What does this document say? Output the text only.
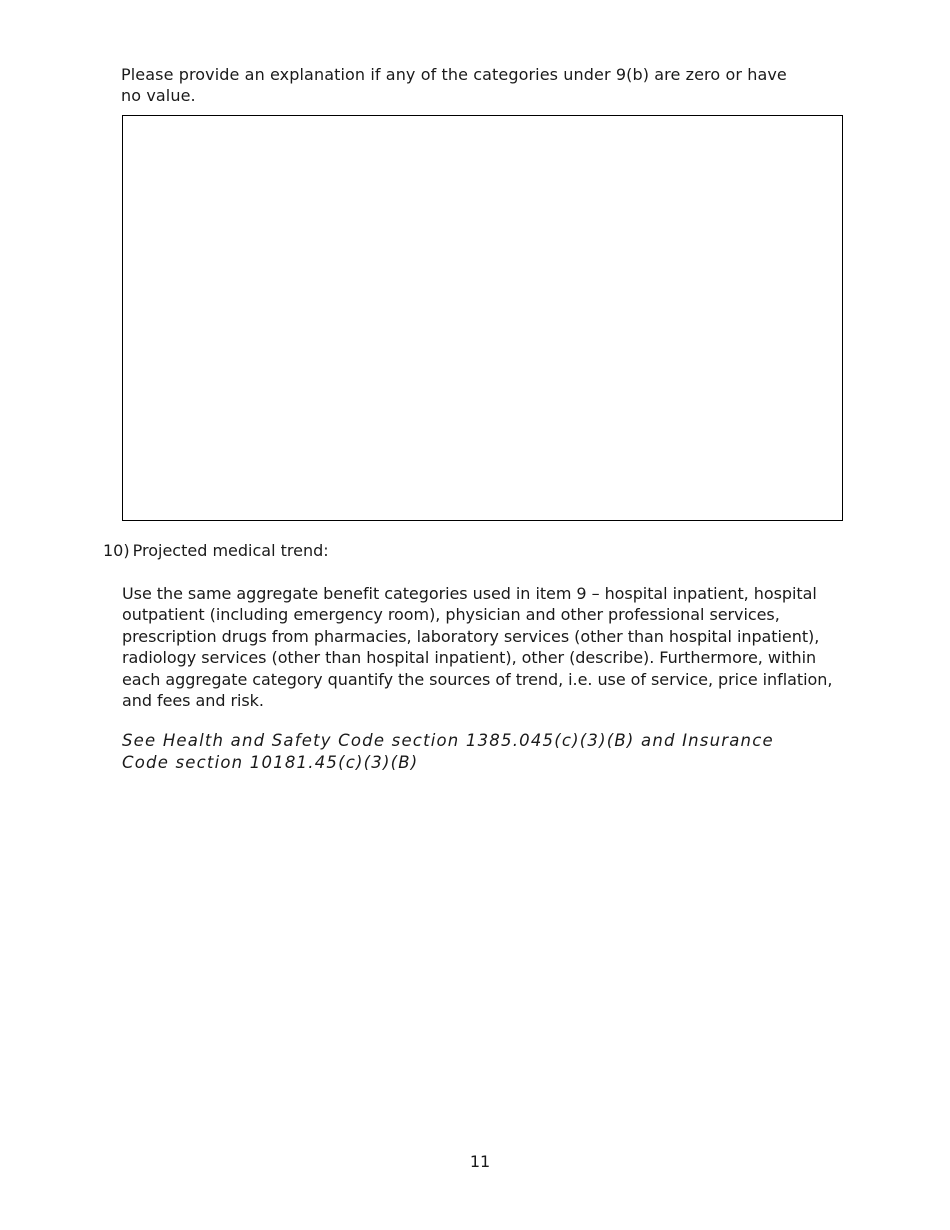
Please provide an explanation if any of the categories under 9(b) are zero or have no value.
10) Projected medical trend:
Use the same aggregate benefit categories used in item 9 – hospital inpatient, hospital outpatient (including emergency room), physician and other professional services, prescription drugs from pharmacies, laboratory services (other than hospital inpatient), radiology services (other than hospital inpatient), other (describe). Furthermore, within each aggregate category quantify the sources of trend, i.e. use of service, price inflation, and fees and risk.
See Health and Safety Code section 1385.045(c)(3)(B) and Insurance Code section 10181.45(c)(3)(B)
11
